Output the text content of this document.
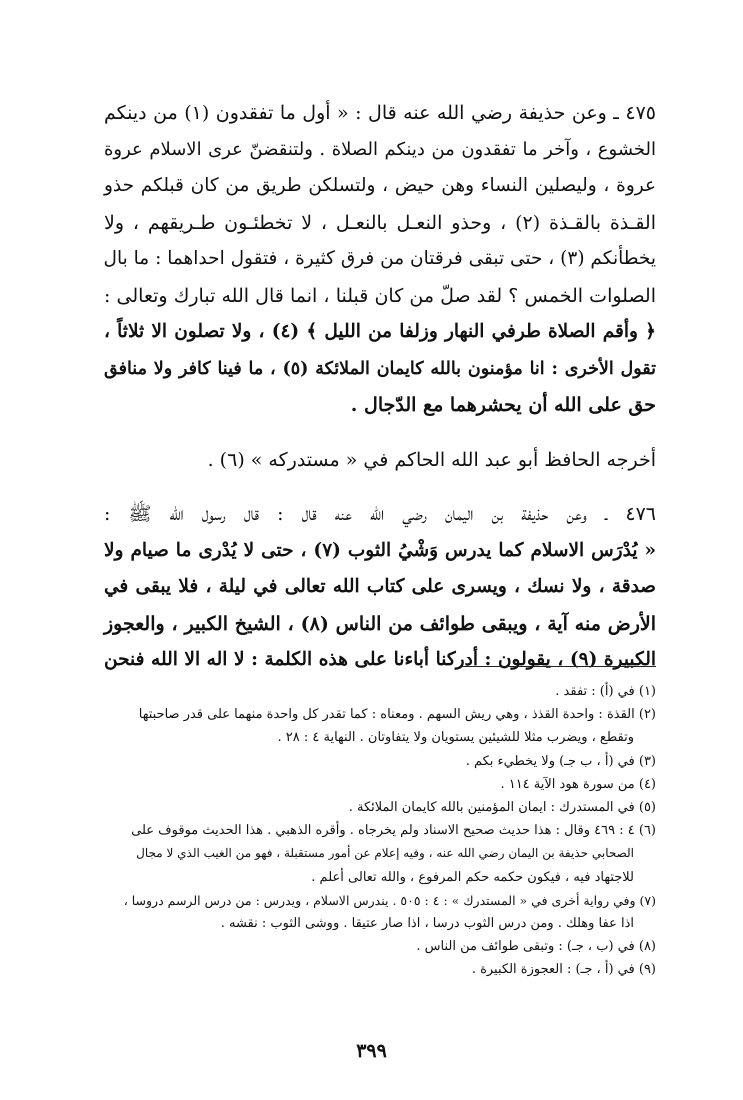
٤٧٥ ـ وعن حذيفة رضي الله عنه قال : « أول ما تفقدون (١) من دينكم
الخشوع ، وآخر ما تفقدون من دينكم الصلاة . ولتنقضنّ عرى الاسلام عروة
عروة ، وليصلين النساء وهن حيض ، ولتسلكن طريق من كان قبلكم حذو
القـذة بالقـذة (٢) ، وحذو النعـل بالنعـل ، لا تخطئـون طـريقهم ، ولا
يخطأنكم (٣) ، حتى تبقى فرقتان من فرق كثيرة ، فتقول احداهما : ما بال
الصلوات الخمس ؟ لقد صلّ من كان قبلنا ، انما قال الله تبارك وتعالى :
﴿ وأقم الصلاة طرفي النهار وزلفا من الليل ﴾ (٤) ، ولا تصلون الا ثلاثاً ،
تقول الأخرى : انا مؤمنون بالله كايمان الملائكة (٥) ، ما فينا كافر ولا منافق
حق على الله أن يحشرهما مع الدّجال .
أخرجه الحافظ أبو عبد الله الحاكم في « مستدركه » (٦) .
٤٧٦ ـ وعن حذيفة بن اليمان رضي الله عنه قال : قال رسول الله ﷺ :
« يُدْرَس الاسلام كما يدرس وَشْيُ الثوب (٧) ، حتى لا يُدْرى ما صيام ولا
صدقة ، ولا نسك ، ويسرى على كتاب الله تعالى في ليلة ، فلا يبقى في
الأرض منه آية ، ويبقى طوائف من الناس (٨) ، الشيخ الكبير ، والعجوز
الكبيرة (٩) ، يقولون : أدركنا أباءنا على هذه الكلمة : لا اله الا الله فنحن
(١) في (أ) : تفقد .
(٢) القذة : واحدة القذذ ، وهي ريش السهم . ومعناه : كما تقدر كل واحدة منهما على قدر صاحبتها
وتقطع ، ويضرب مثلا للشيئين يستويان ولا يتفاوتان . النهاية ٤ : ٢٨ .
(٣) في (أ ، ب جـ) ولا يخطيء بكم .
(٤) من سورة هود الآية ١١٤ .
(٥) في المستدرك : ايمان المؤمنين بالله كايمان الملائكة .
(٦) ٤ : ٤٦٩ وقال : هذا حديث صحيح الاسناد ولم يخرجاه . وأقره الذهبي . هذا الحديث موقوف على
الصحابي حذيفة بن اليمان رضي الله عنه ، وفيه إعلام عن أمور مستقبلة ، فهو من الغيب الذي لا مجال
للاجتهاد فيه ، فيكون حكمه حكم المرفوع ، والله تعالى أعلم .
(٧) وفي رواية أخرى في « المستدرك » : ٤ : ٥٠٥ . يندرس الاسلام ، ويدرس : من درس الرسم دروسا ،
اذا عفا وهلك . ومن درس الثوب درسا ، اذا صار عتيقا . ووشى الثوب : نقشه .
(٨) في (ب ، جـ) : وتبقى طوائف من الناس .
(٩) في (أ ، جـ) : العجوزة الكبيرة .
٣٩٩
